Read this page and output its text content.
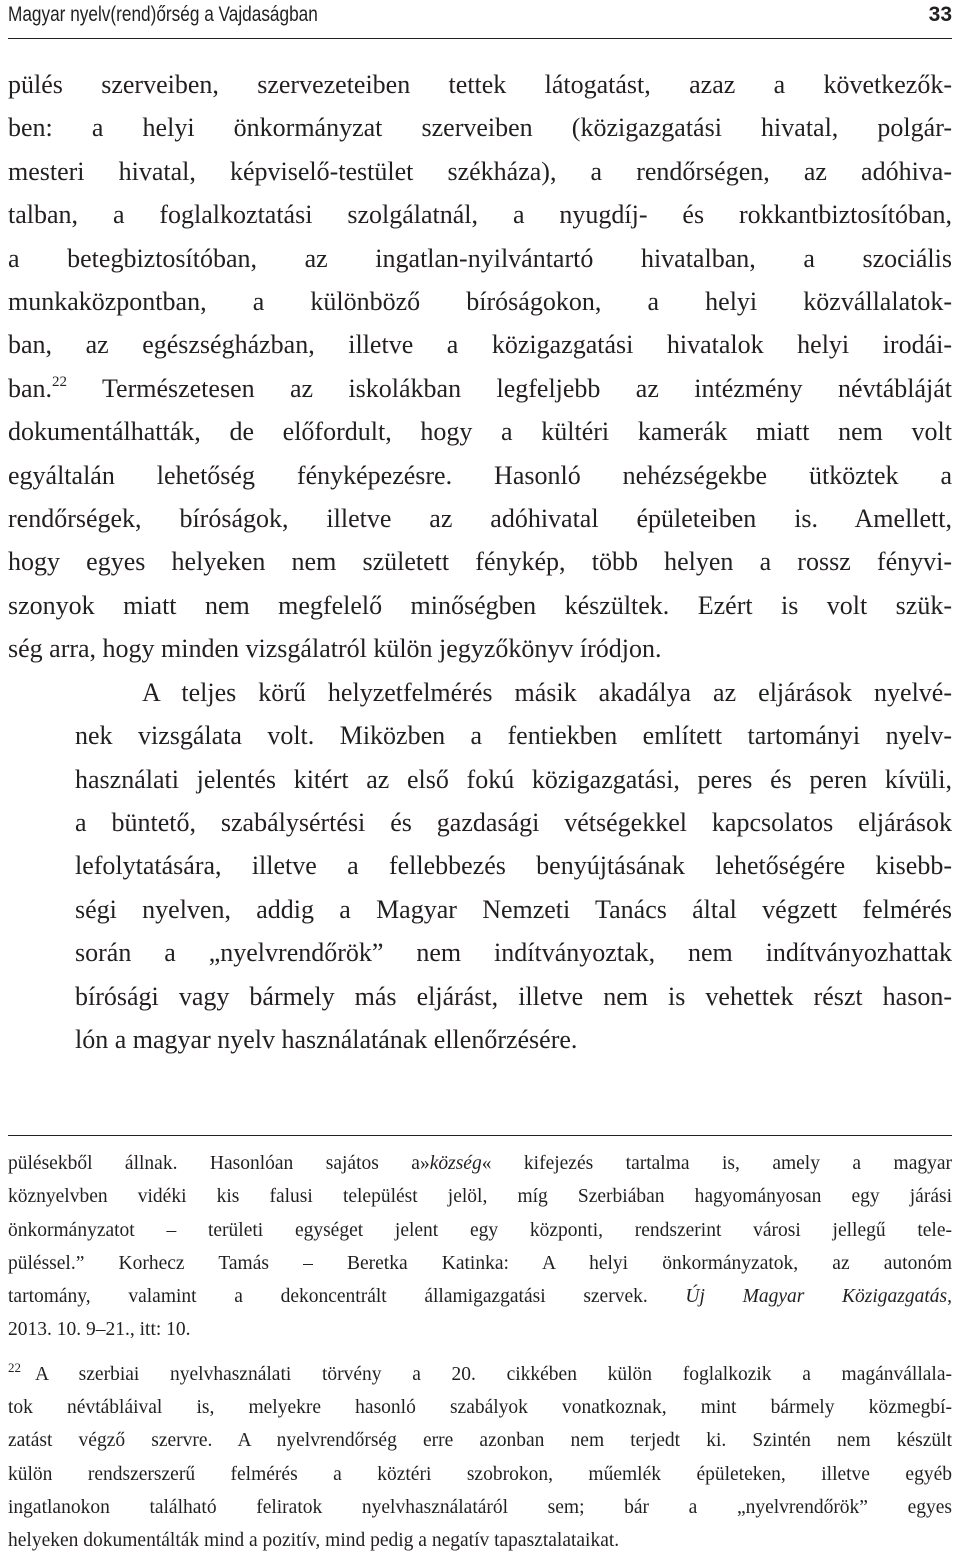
Magyar nyelv(rend)őrség a Vajdaságban	33

pülés szerveiben, szervezeteiben tettek látogatást, azaz a következők-
ben: a helyi önkormányzat szerveiben (közigazgatási hivatal, polgár-
mesteri hivatal, képviselő-testület székháza), a rendőrségen, az adóhiva-
talban, a foglalkoztatási szolgálatnál, a nyugdíj- és rokkantbiztosítóban,
a betegbiztosítóban, az ingatlan-nyilvántartó hivatalban, a szociális
munkaközpontban, a különböző bíróságokon, a helyi közvállalatok-
ban, az egészségházban, illetve a közigazgatási hivatalok helyi irodái-
ban.$^{22}$ Természetesen az iskolákban legfeljebb az intézmény névtábláját
dokumentálhatták, de előfordult, hogy a kültéri kamerák miatt nem volt
egyáltalán lehetőség fényképezésre. Hasonló nehézségekbe ütköztek a
rendőrségek, bíróságok, illetve az adóhivatal épületeiben is. Amellett,
hogy egyes helyeken nem született fénykép, több helyen a rossz fényvi-
szonyok miatt nem megfelelő minőségben készültek. Ezért is volt szük-
ség arra, hogy minden vizsgálatról külön jegyzőkönyv íródjon.

A teljes körű helyzetfelmérés másik akadálya az eljárások nyelvé-
nek vizsgálata volt. Miközben a fentiekben említett tartományi nyelv-
használati jelentés kitért az első fokú közigazgatási, peres és peren kívüli,
a büntető, szabálysértési és gazdasági vétségekkel kapcsolatos eljárások
lefolytatására, illetve a fellebbezés benyújtásának lehetőségére kisebb-
ségi nyelven, addig a Magyar Nemzeti Tanács által végzett felmérés
során a „nyelvrendőrök” nem indítványoztak, nem indítványozhattak
bírósági vagy bármely más eljárást, illetve nem is vehettek részt hason-
lón a magyar nyelv használatának ellenőrzésére.

pülésekből állnak. Hasonlóan sajátos a»község« kifejezés tartalma is, amely a magyar
köznyelvben vidéki kis falusi települést jelöl, míg Szerbiában hagyományosan egy járási
önkormányzatot – területi egységet jelent egy központi, rendszerint városi jellegű tele-
püléssel.” Korhecz Tamás – Beretka Katinka: A helyi önkormányzatok, az autonóm
tartomány, valamint a dekoncentrált államigazgatási szervek. Új Magyar Közigazgatás,
2013. 10. 9–21., itt: 10.
$^{22}$ A szerbiai nyelvhasználati törvény a 20. cikkében külön foglalkozik a magánvállala-
tok névtábláival is, melyekre hasonló szabályok vonatkoznak, mint bármely közmegbí-
zatást végző szervre. A nyelvrendőrség erre azonban nem terjedt ki. Szintén nem készült
külön rendszerszerű felmérés a köztéri szobrokon, műemlék épületeken, illetve egyéb
ingatlanokon található feliratok nyelvhasználatáról sem; bár a „nyelvrendőrök” egyes
helyeken dokumentálták mind a pozitív, mind pedig a negatív tapasztalataikat.
